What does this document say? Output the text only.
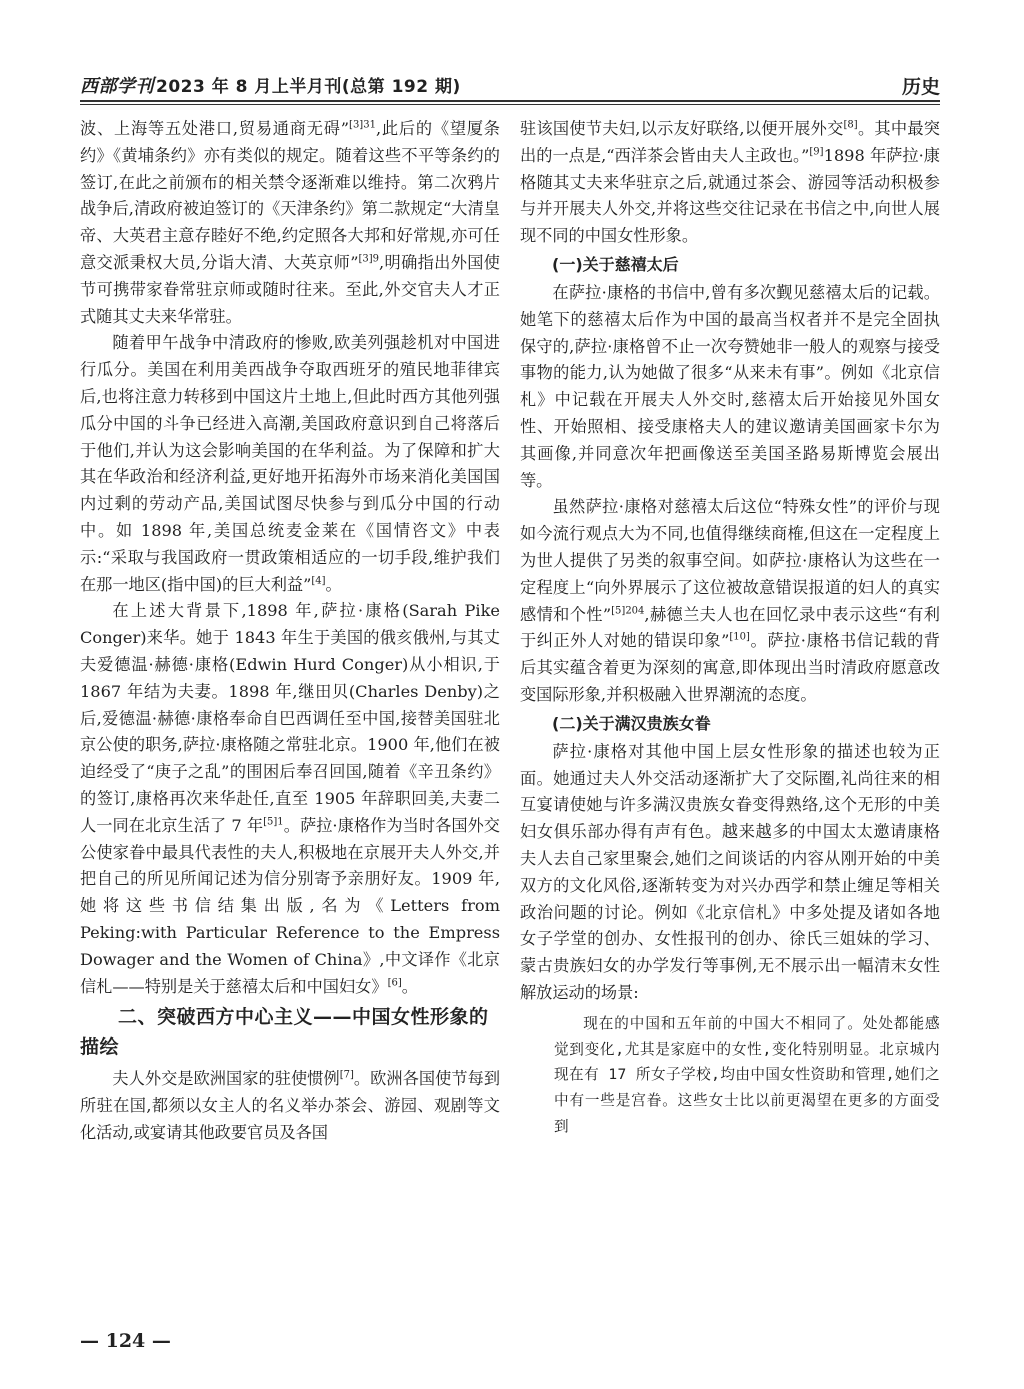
西部学刊 2023 年 8 月上半月刊(总第 192 期)	历史

波、上海等五处港口,贸易通商无碍”$^{[3]31}$,此后的《望厦条约》《黄埔条约》亦有类似的规定。随着这些不平等条约的签订,在此之前颁布的相关禁令逐渐难以维持。第二次鸦片战争后,清政府被迫签订的《天津条约》第二款规定“大清皇帝、大英君主意存睦好不绝,约定照各大邦和好常规,亦可任意交派秉权大员,分诣大清、大英京师”$^{[3]9}$,明确指出外国使节可携带家眷常驻京师或随时往来。至此,外交官夫人才正式随其丈夫来华常驻。

随着甲午战争中清政府的惨败,欧美列强趁机对中国进行瓜分。美国在利用美西战争夺取西班牙的殖民地菲律宾后,也将注意力转移到中国这片土地上,但此时西方其他列强瓜分中国的斗争已经进入高潮,美国政府意识到自己将落后于他们,并认为这会影响美国的在华利益。为了保障和扩大其在华政治和经济利益,更好地开拓海外市场来消化美国国内过剩的劳动产品,美国试图尽快参与到瓜分中国的行动中。如 1898 年,美国总统麦金莱在《国情咨文》中表示:“采取与我国政府一贯政策相适应的一切手段,维护我们在那一地区(指中国)的巨大利益”[4]。

在上述大背景下,1898 年,萨拉·康格(Sarah Pike Conger)来华。她于 1843 年生于美国的俄亥俄州,与其丈夫爱德温·赫德·康格(Edwin Hurd Conger)从小相识,于 1867 年结为夫妻。1898 年,继田贝(Charles Denby)之后,爱德温·赫德·康格奉命自巴西调任至中国,接替美国驻北京公使的职务,萨拉·康格随之常驻北京。1900 年,他们在被迫经受了“庚子之乱”的围困后奉召回国,随着《辛丑条约》的签订,康格再次来华赴任,直至 1905 年辞职回美,夫妻二人一同在北京生活了 7 年$^{[5]1}$。萨拉·康格作为当时各国外交公使家眷中最具代表性的夫人,积极地在京展开夫人外交,并把自己的所见所闻记述为信分别寄予亲朋好友。1909 年,她将这些书信结集出版,名为《Letters from Peking:with Particular Reference to the Empress Dowager and the Women of China》,中文译作《北京信札——特别是关于慈禧太后和中国妇女》[6]。

二、突破西方中心主义——中国女性形象的描绘

夫人外交是欧洲国家的驻使惯例[7]。欧洲各国使节每到所驻在国,都须以女主人的名义举办茶会、游园、观剧等文化活动,或宴请其他政要官员及各国

驻该国使节夫妇,以示友好联络,以便开展外交[8]。其中最突出的一点是,“西洋茶会皆由夫人主政也。”[9]1898 年萨拉·康格随其丈夫来华驻京之后,就通过茶会、游园等活动积极参与并开展夫人外交,并将这些交往记录在书信之中,向世人展现不同的中国女性形象。

(一)关于慈禧太后

在萨拉·康格的书信中,曾有多次觐见慈禧太后的记载。她笔下的慈禧太后作为中国的最高当权者并不是完全固执保守的,萨拉·康格曾不止一次夸赞她非一般人的观察与接受事物的能力,认为她做了很多“从来未有事”。例如《北京信札》中记载在开展夫人外交时,慈禧太后开始接见外国女性、开始照相、接受康格夫人的建议邀请美国画家卡尔为其画像,并同意次年把画像送至美国圣路易斯博览会展出等。

虽然萨拉·康格对慈禧太后这位“特殊女性”的评价与现如今流行观点大为不同,也值得继续商榷,但这在一定程度上为世人提供了另类的叙事空间。如萨拉·康格认为这些在一定程度上“向外界展示了这位被故意错误报道的妇人的真实感情和个性”$^{[5]204}$,赫德兰夫人也在回忆录中表示这些“有利于纠正外人对她的错误印象”[10]。萨拉·康格书信记载的背后其实蕴含着更为深刻的寓意,即体现出当时清政府愿意改变国际形象,并积极融入世界潮流的态度。

(二)关于满汉贵族女眷

萨拉·康格对其他中国上层女性形象的描述也较为正面。她通过夫人外交活动逐渐扩大了交际圈,礼尚往来的相互宴请使她与许多满汉贵族女眷变得熟络,这个无形的中美妇女俱乐部办得有声有色。越来越多的中国太太邀请康格夫人去自己家里聚会,她们之间谈话的内容从刚开始的中美双方的文化风俗,逐渐转变为对兴办西学和禁止缠足等相关政治问题的讨论。例如《北京信札》中多处提及诸如各地女子学堂的创办、女性报刊的创办、徐氏三姐妹的学习、蒙古贵族妇女的办学发行等事例,无不展示出一幅清末女性解放运动的场景:

现在的中国和五年前的中国大不相同了。处处都能感觉到变化,尤其是家庭中的女性,变化特别明显。北京城内现在有 17 所女子学校,均由中国女性资助和管理,她们之中有一些是宫眷。这些女士比以前更渴望在更多的方面受到

— 124 —
